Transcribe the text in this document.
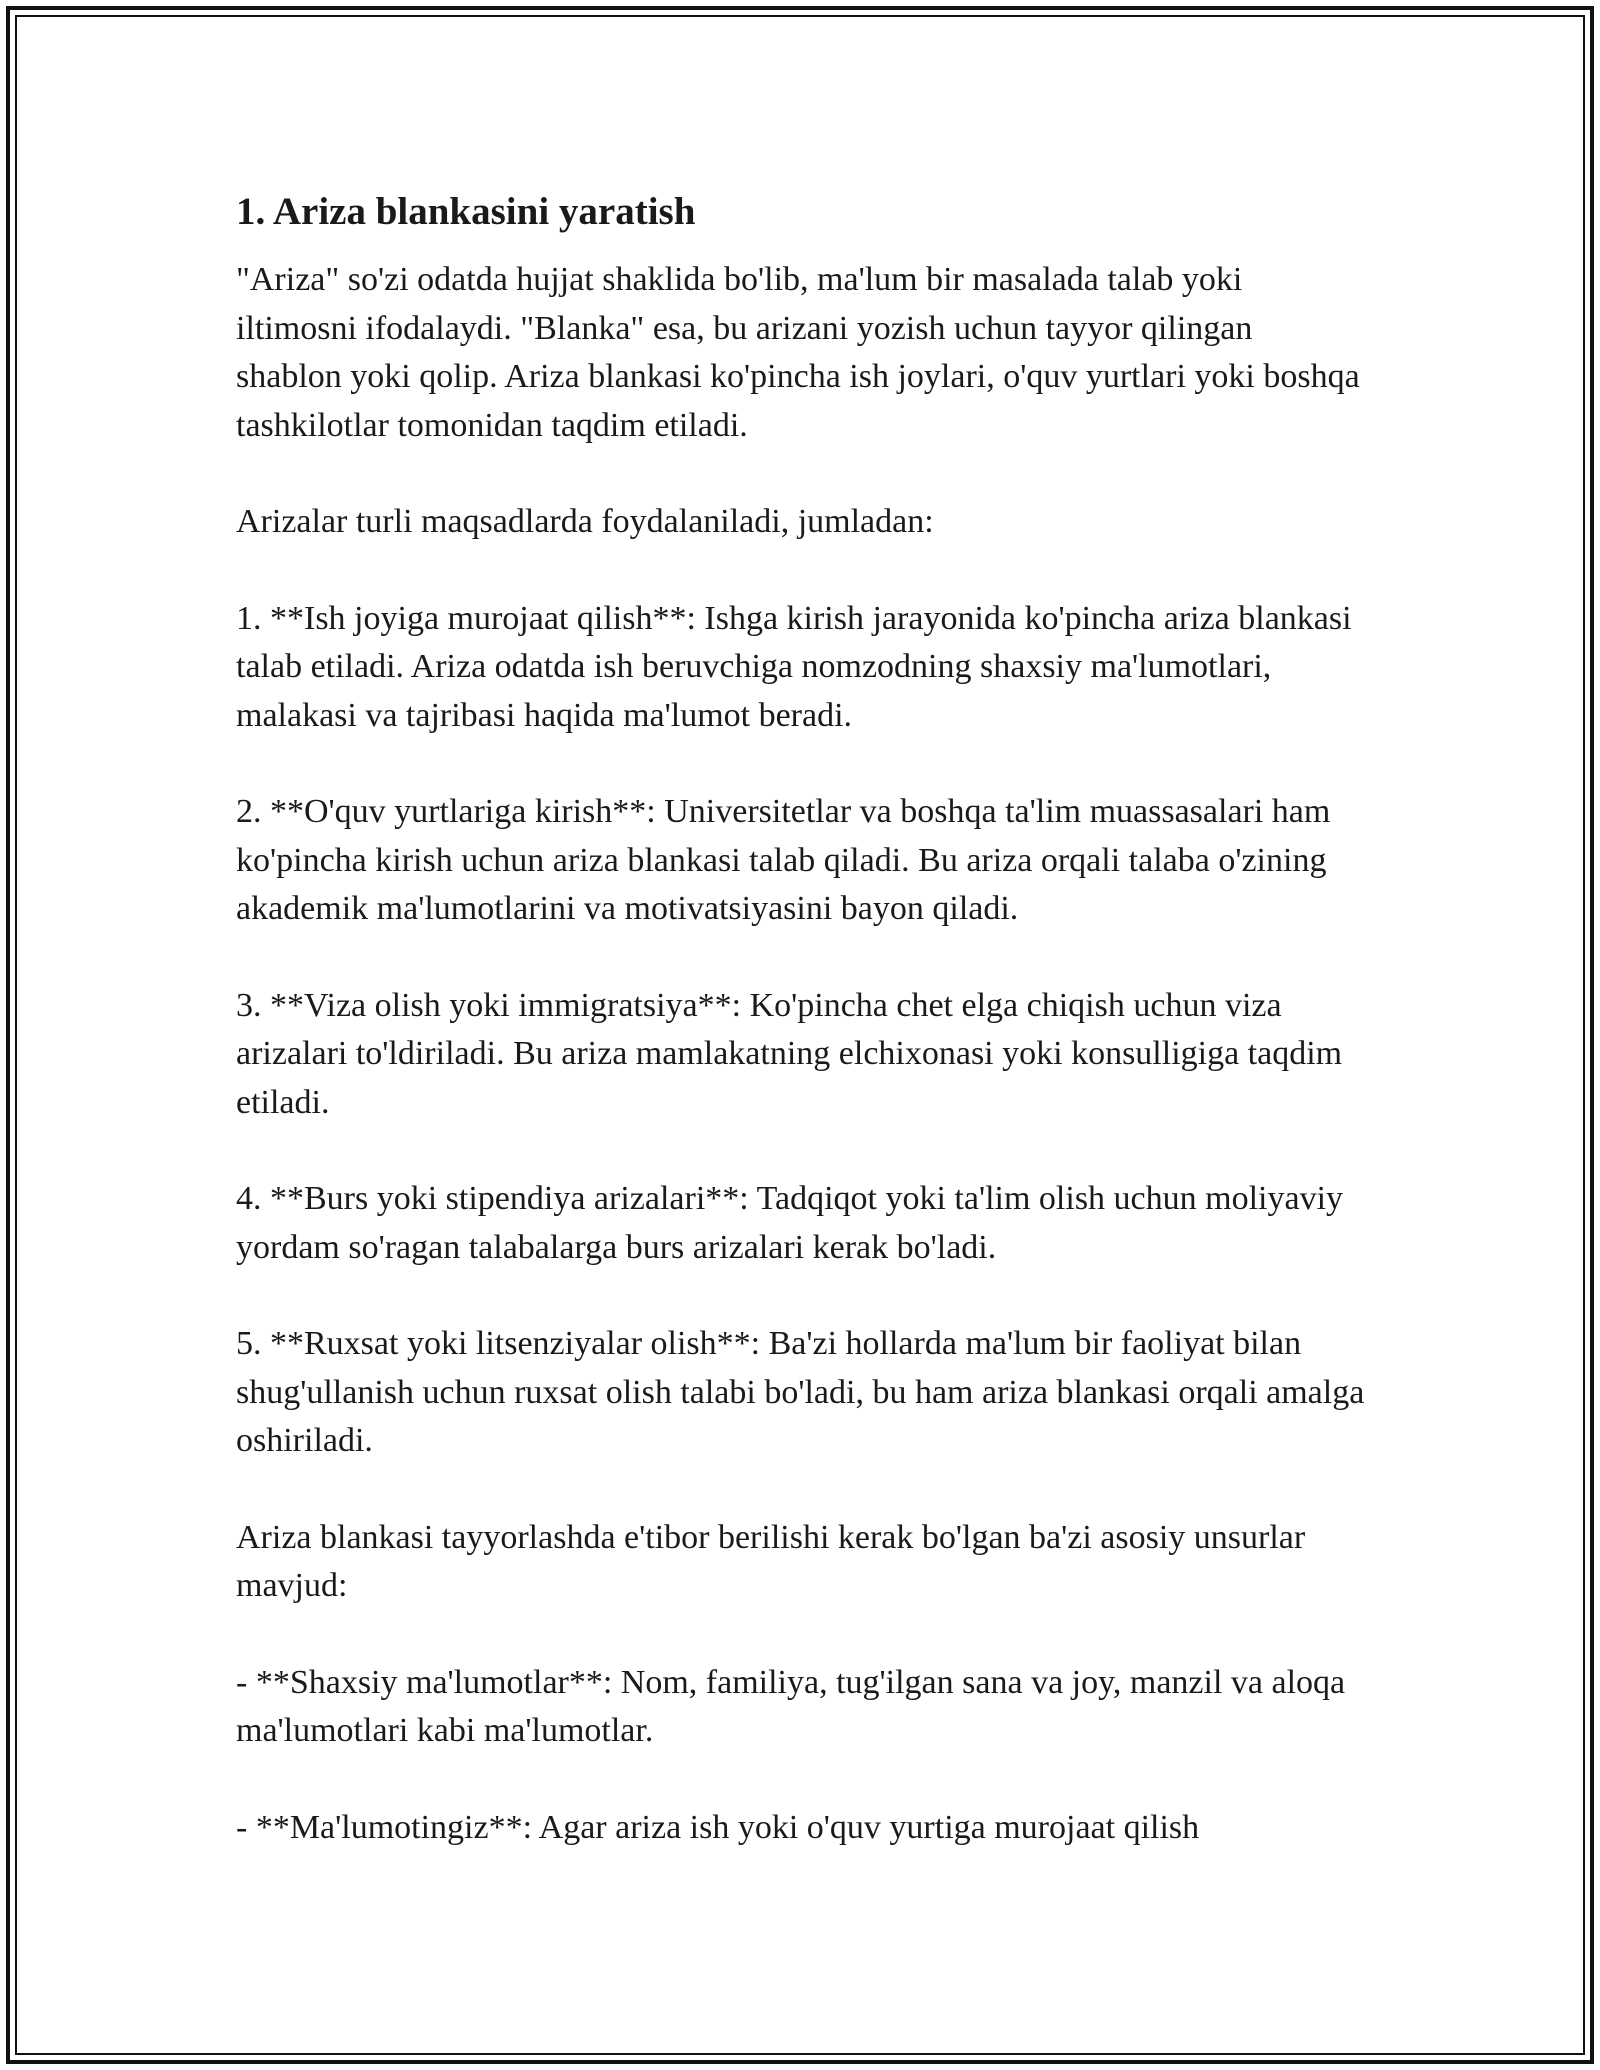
1. Ariza blankasini yaratish

"Ariza" so'zi odatda hujjat shaklida bo'lib, ma'lum bir masalada talab yoki iltimosni ifodalaydi. "Blanka" esa, bu arizani yozish uchun tayyor qilingan shablon yoki qolip. Ariza blankasi ko'pincha ish joylari, o'quv yurtlari yoki boshqa tashkilotlar tomonidan taqdim etiladi.

Arizalar turli maqsadlarda foydalaniladi, jumladan:

1. **Ish joyiga murojaat qilish**: Ishga kirish jarayonida ko'pincha ariza blankasi talab etiladi. Ariza odatda ish beruvchiga nomzodning shaxsiy ma'lumotlari, malakasi va tajribasi haqida ma'lumot beradi.

2. **O'quv yurtlariga kirish**: Universitetlar va boshqa ta'lim muassasalari ham ko'pincha kirish uchun ariza blankasi talab qiladi. Bu ariza orqali talaba o'zining akademik ma'lumotlarini va motivatsiyasini bayon qiladi.

3. **Viza olish yoki immigratsiya**: Ko'pincha chet elga chiqish uchun viza arizalari to'ldiriladi. Bu ariza mamlakatning elchixonasi yoki konsulligiga taqdim etiladi.

4. **Burs yoki stipendiya arizalari**: Tadqiqot yoki ta'lim olish uchun moliyaviy yordam so'ragan talabalarga burs arizalari kerak bo'ladi.

5. **Ruxsat yoki litsenziyalar olish**: Ba'zi hollarda ma'lum bir faoliyat bilan shug'ullanish uchun ruxsat olish talabi bo'ladi, bu ham ariza blankasi orqali amalga oshiriladi.

Ariza blankasi tayyorlashda e'tibor berilishi kerak bo'lgan ba'zi asosiy unsurlar mavjud:

- **Shaxsiy ma'lumotlar**: Nom, familiya, tug'ilgan sana va joy, manzil va aloqa ma'lumotlari kabi ma'lumotlar.

- **Ma'lumotingiz**: Agar ariza ish yoki o'quv yurtiga murojaat qilish
